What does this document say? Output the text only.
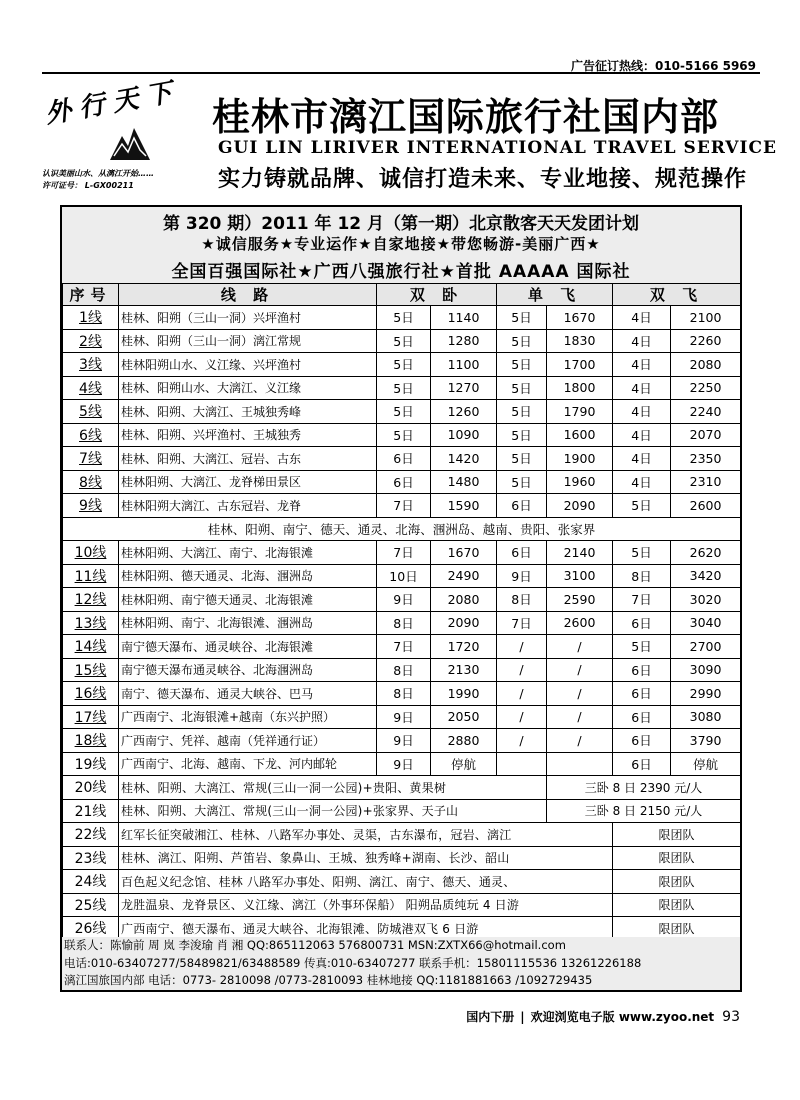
广告征订热线：010-5166 5969
外行天下
认识美丽山水、从漓江开始……
许可证号： L-GX00211
桂林市漓江国际旅行社国内部
GUI LIN LIRIVER INTERNATIONAL TRAVEL SERVICE
实力铸就品牌、诚信打造未来、专业地接、规范操作
第 320 期）2011 年 12 月（第一期）北京散客天天发团计划
★诚信服务★专业运作★自家地接★带您畅游-美丽广西★
全国百强国际社★广西八强旅行社★首批 AAAAA 国际社
序号	线 路	双 卧		单 飞		双 飞	
1线	桂林、阳朔（三山一洞）兴坪渔村	5日	1140	5日	1670	4日	2100
2线	桂林、阳朔（三山一洞）漓江常规	5日	1280	5日	1830	4日	2260
3线	桂林阳朔山水、义江缘、兴坪渔村	5日	1100	5日	1700	4日	2080
4线	桂林、阳朔山水、大漓江、义江缘	5日	1270	5日	1800	4日	2250
5线	桂林、阳朔、大漓江、王城独秀峰	5日	1260	5日	1790	4日	2240
6线	桂林、阳朔、兴坪渔村、王城独秀	5日	1090	5日	1600	4日	2070
7线	桂林、阳朔、大漓江、冠岩、古东	6日	1420	5日	1900	4日	2350
8线	桂林阳朔、大漓江、龙脊梯田景区	6日	1480	5日	1960	4日	2310
9线	桂林阳朔大漓江、古东冠岩、龙脊	7日	1590	6日	2090	5日	2600
桂林、阳朔、南宁、德天、通灵、北海、涠洲岛、越南、贵阳、张家界							
10线	桂林阳朔、大漓江、南宁、北海银滩	7日	1670	6日	2140	5日	2620
11线	桂林阳朔、德天通灵、北海、涠洲岛	10日	2490	9日	3100	8日	3420
12线	桂林阳朔、南宁德天通灵、北海银滩	9日	2080	8日	2590	7日	3020
13线	桂林阳朔、南宁、北海银滩、涠洲岛	8日	2090	7日	2600	6日	3040
14线	南宁德天瀑布、通灵峡谷、北海银滩	7日	1720	/	/	5日	2700
15线	南宁德天瀑布通灵峡谷、北海涠洲岛	8日	2130	/	/	6日	3090
16线	南宁、德天瀑布、通灵大峡谷、巴马	8日	1990	/	/	6日	2990
17线	广西南宁、北海银滩+越南（东兴护照）	9日	2050	/	/	6日	3080
18线	广西南宁、凭祥、越南（凭祥通行证）	9日	2880	/	/	6日	3790
19线	广西南宁、北海、越南、下龙、河内邮轮	9日	停航			6日	停航
20线	桂林、阳朔、大漓江、常规(三山一洞一公园)+贵阳、黄果树				三卧 8 日 2390 元/人		
21线	桂林、阳朔、大漓江、常规(三山一洞一公园)+张家界、天子山				三卧 8 日 2150 元/人		
22线	红军长征突破湘江、桂林、八路军办事处、灵渠，古东瀑布，冠岩、漓江					限团队	
23线	桂林、漓江、阳朔、芦笛岩、象鼻山、王城、独秀峰+湖南、长沙、韶山					限团队	
24线	百色起义纪念馆、桂林 八路军办事处、阳朔、漓江、南宁、德天、通灵、					限团队	
25线	龙胜温泉、龙脊景区、义江缘、漓江（外事环保船） 阳朔品质纯玩 4 日游					限团队	
26线	广西南宁、德天瀑布、通灵大峡谷、北海银滩、防城港双飞 6 日游					限团队	
联系人：陈愉前 周 岚 李浚瑜 肖 湘 QQ:865112063 576800731 MSN:ZXTX66@hotmail.com
电话:010-63407277/58489821/63488589 传真:010-63407277 联系手机：15801115536 13261226188
漓江国旅国内部 电话：0773- 2810098 /0773-2810093 桂林地接 QQ:1181881663 /1092729435
国内下册 | 欢迎浏览电子版 www.zyoo.net 93
